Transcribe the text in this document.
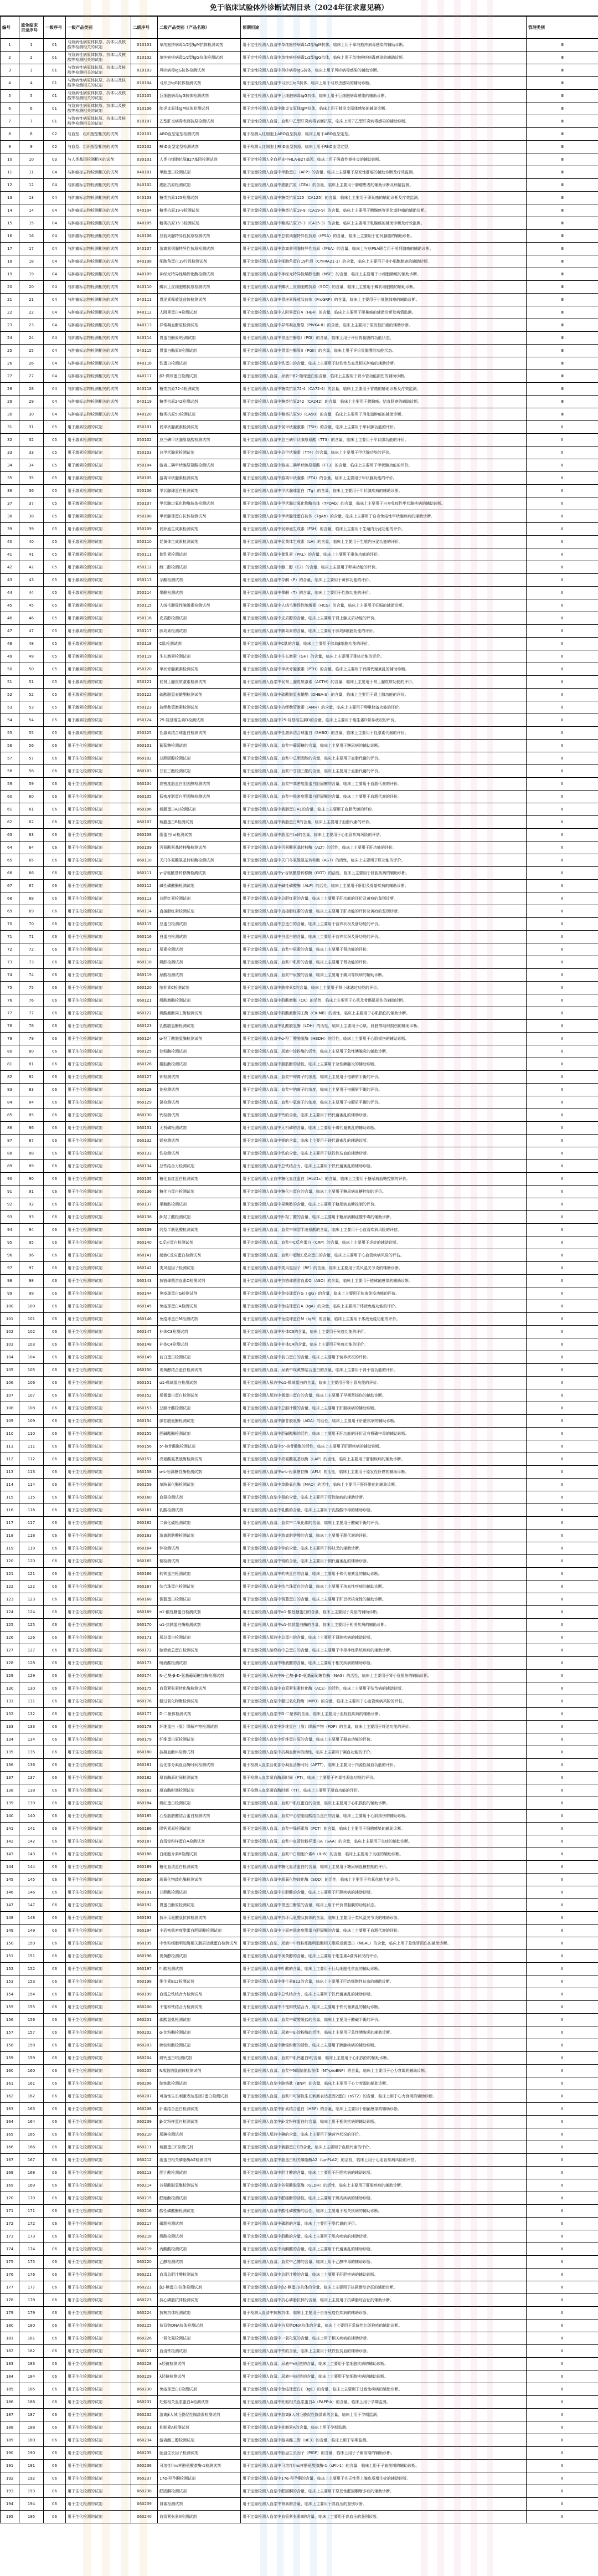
免于临床试验体外诊断试剂目录（2024年征求意见稿）
编号	原免临床目录序号	一级序号	一级产品类别	二级序号	二级产品类别（产品名称）	预期用途	管理类别
1	1	01	与致病性病原体抗原、抗体以及核酸等检测相关的试剂	010101	单纯疱疹病毒1/2型IgM抗体检测试剂	用于定性检测人血清中单纯疱疹病毒1/2型IgM抗体，临床上用于单纯疱疹病毒感染的辅助诊断。	Ⅲ
2	2	01	与致病性病原体抗原、抗体以及核酸等检测相关的试剂	010102	单纯疱疹病毒1/2型IgG抗体检测试剂	用于定性检测人血清中单纯疱疹病毒1/2型IgG抗体，临床上用于单纯疱疹病毒感染的辅助诊断。	Ⅲ
3	3	01	与致病性病原体抗原、抗体以及核酸等检测相关的试剂	010103	风疹病毒IgG抗体检测试剂	用于定性检测人血清中风疹病毒IgG抗体，临床上用于风疹病毒感染的辅助诊断。	Ⅲ
4	4	01	与致病性病原体抗原、抗体以及核酸等检测相关的试剂	010104	弓形虫IgG抗体检测试剂	用于定性检测人血清中弓形虫IgG抗体，临床上用于弓形虫感染的辅助诊断。	Ⅲ
5	5	01	与致病性病原体抗原、抗体以及核酸等检测相关的试剂	010105	巨细胞病毒IgG抗体检测试剂	用于定性检测人血清中巨细胞病毒IgG抗体，临床上用于巨细胞病毒感染的辅助诊断。	Ⅲ
6	6	01	与致病性病原体抗原、抗体以及核酸等检测相关的试剂	010106	肺炎支原体IgM抗体检测试剂	用于定性检测人血清中肺炎支原体IgM抗体，临床上用于肺炎支原体感染的辅助诊断。	Ⅲ
7	7	01	与致病性病原体抗原、抗体以及核酸等检测相关的试剂	010107	乙型肝炎病毒表面抗原检测试剂	用于定性检测人血清、血浆中乙型肝炎病毒表面抗原，临床上用于乙型肝炎病毒感染的辅助诊断。	Ⅲ
8	8	02	与血型、组织配型相关的试剂	020101	ABO血型定型检测试剂	用于检测人红细胞上ABO血型抗原，临床上用于ABO血型定型。	Ⅲ
9	9	02	与血型、组织配型相关的试剂	020102	RhD血型定型检测试剂	用于检测人红细胞上RhD血型抗原，临床上用于RhD血型定型。	Ⅲ
10	10	03	与人类基因检测相关的试剂	030101	人类白细胞抗原B27基因检测试剂	用于定性检测人全血样本中HLA-B27基因，临床上用于强直性脊柱炎的辅助诊断。	Ⅲ
11	11	04	与肿瘤标志物检测相关的试剂	040101	甲胎蛋白检测试剂	用于定量检测人血清中甲胎蛋白（AFP）的含量，临床上主要用于原发性肝癌的辅助诊断及疗效监测。	Ⅲ
12	12	04	与肿瘤标志物检测相关的试剂	040102	癌胚抗原检测试剂	用于定量检测人血清中癌胚抗原（CEA）的含量，临床上主要用于肿瘤患者的辅助诊断及病情监测。	Ⅲ
13	13	04	与肿瘤标志物检测相关的试剂	040103	糖类抗原125检测试剂	用于定量检测人血清中糖类抗原125（CA125）的含量，临床上主要用于卵巢癌的辅助诊断及疗效监测。	Ⅲ
14	14	04	与肿瘤标志物检测相关的试剂	040104	糖类抗原19-9检测试剂	用于定量检测人血清中糖类抗原19-9（CA19-9）的含量，临床上主要用于胰腺癌等消化道肿瘤的辅助诊断。	Ⅲ
15	15	04	与肿瘤标志物检测相关的试剂	040105	糖类抗原15-3检测试剂	用于定量检测人血清中糖类抗原15-3（CA15-3）的含量，临床上主要用于乳腺癌的辅助诊断及疗效监测。	Ⅲ
16	16	04	与肿瘤标志物检测相关的试剂	040106	总前列腺特异性抗原检测试剂	用于定量检测人血清中总前列腺特异性抗原（tPSA）的含量，临床上主要用于前列腺癌的辅助诊断。	Ⅲ
17	17	04	与肿瘤标志物检测相关的试剂	040107	游离前列腺特异性抗原检测试剂	用于定量检测人血清中游离前列腺特异性抗原（fPSA）的含量，临床上与总PSA联合用于前列腺癌的辅助诊断。	Ⅲ
18	18	04	与肿瘤标志物检测相关的试剂	040108	细胞角蛋白19片段检测试剂	用于定量检测人血清中细胞角蛋白19片段（CYFRA21-1）的含量，临床上主要用于非小细胞肺癌的辅助诊断。	Ⅲ
19	19	04	与肿瘤标志物检测相关的试剂	040109	神经元特异性烯醇化酶检测试剂	用于定量检测人血清中神经元特异性烯醇化酶（NSE）的含量，临床上主要用于小细胞肺癌的辅助诊断。	Ⅲ
20	20	04	与肿瘤标志物检测相关的试剂	040110	鳞状上皮细胞癌抗原检测试剂	用于定量检测人血清中鳞状上皮细胞癌抗原（SCC）的含量，临床上主要用于鳞状细胞癌的辅助诊断。	Ⅲ
21	21	04	与肿瘤标志物检测相关的试剂	040111	胃泌素释放肽前体检测试剂	用于定量检测人血清中胃泌素释放肽前体（ProGRP）的含量，临床上主要用于小细胞肺癌的辅助诊断。	Ⅲ
22	22	04	与肿瘤标志物检测相关的试剂	040112	人附睾蛋白4检测试剂	用于定量检测人血清中人附睾蛋白4（HE4）的含量，临床上主要用于卵巢癌的辅助诊断及病情监测。	Ⅲ
23	23	04	与肿瘤标志物检测相关的试剂	040113	异常凝血酶原检测试剂	用于定量检测人血清中异常凝血酶原（PIVKA-II）的含量，临床上主要用于原发性肝癌的辅助诊断。	Ⅲ
24	24	04	与肿瘤标志物检测相关的试剂	040114	胃蛋白酶原I检测试剂	用于定量检测人血清中胃蛋白酶原I（PGI）的含量，临床上用于评价胃黏膜的功能状态。	Ⅲ
25	25	04	与肿瘤标志物检测相关的试剂	040115	胃蛋白酶原II检测试剂	用于定量检测人血清中胃蛋白酶原II（PGII）的含量，临床上用于评价胃黏膜的功能状态。	Ⅲ
26	26	04	与肿瘤标志物检测相关的试剂	040116	铁蛋白检测试剂	用于定量检测人血清中铁蛋白的含量，临床上主要用于缺铁性贫血及相关肿瘤的辅助诊断。	Ⅲ
27	27	04	与肿瘤标志物检测相关的试剂	040117	β2-微球蛋白检测试剂	用于定量检测人血清、尿液中β2-微球蛋白的含量，临床上主要用于肾小管功能损伤的辅助诊断。	Ⅲ
28	28	04	与肿瘤标志物检测相关的试剂	040118	糖类抗原72-4检测试剂	用于定量检测人血清中糖类抗原72-4（CA72-4）的含量，临床上主要用于胃癌的辅助诊断及疗效监测。	Ⅲ
29	29	04	与肿瘤标志物检测相关的试剂	040119	糖类抗原242检测试剂	用于定量检测人血清中糖类抗原242（CA242）的含量，临床上主要用于胰腺癌、结直肠癌的辅助诊断。	Ⅲ
30	30	04	与肿瘤标志物检测相关的试剂	040120	糖类抗原50检测试剂	用于定量检测人血清中糖类抗原50（CA50）的含量，临床上主要用于消化道肿瘤的辅助诊断。	Ⅲ
31	31	05	用于激素检测的试剂	050101	促甲状腺激素检测试剂	用于定量检测人血清中促甲状腺激素（TSH）的含量，临床上主要用于甲状腺功能的评价。	Ⅱ
32	32	05	用于激素检测的试剂	050102	总三碘甲状腺原氨酸检测试剂	用于定量检测人血清中总三碘甲状腺原氨酸（TT3）的含量，临床上主要用于甲状腺功能的评价。	Ⅱ
33	33	05	用于激素检测的试剂	050103	总甲状腺素检测试剂	用于定量检测人血清中总甲状腺素（TT4）的含量，临床上主要用于甲状腺功能的评价。	Ⅱ
34	34	05	用于激素检测的试剂	050104	游离三碘甲状腺原氨酸检测试剂	用于定量检测人血清中游离三碘甲状腺原氨酸（FT3）的含量，临床上主要用于甲状腺功能的评价。	Ⅱ
35	35	05	用于激素检测的试剂	050105	游离甲状腺素检测试剂	用于定量检测人血清中游离甲状腺素（FT4）的含量，临床上主要用于甲状腺功能的评价。	Ⅱ
36	36	05	用于激素检测的试剂	050106	甲状腺球蛋白检测试剂	用于定量检测人血清中甲状腺球蛋白（Tg）的含量，临床上主要用于甲状腺疾病的辅助诊断。	Ⅱ
37	37	05	用于激素检测的试剂	050107	甲状腺过氧化物酶抗体检测试剂	用于定量检测人血清中甲状腺过氧化物酶抗体（TPOAb）的含量，临床上主要用于自身免疫性甲状腺疾病的辅助诊断。	Ⅱ
38	38	05	用于激素检测的试剂	050108	甲状腺球蛋白抗体检测试剂	用于定量检测人血清中甲状腺球蛋白抗体（TgAb）的含量，临床上主要用于自身免疫性甲状腺疾病的辅助诊断。	Ⅱ
39	39	05	用于激素检测的试剂	050109	促卵泡生成素检测试剂	用于定量检测人血清中促卵泡生成素（FSH）的含量，临床上主要用于生殖内分泌功能的评价。	Ⅱ
40	40	05	用于激素检测的试剂	050110	促黄体生成素检测试剂	用于定量检测人血清中促黄体生成素（LH）的含量，临床上主要用于生殖内分泌功能的评价。	Ⅱ
41	41	05	用于激素检测的试剂	050111	催乳素检测试剂	用于定量检测人血清中催乳素（PRL）的含量，临床上主要用于垂体功能的评价。	Ⅱ
42	42	05	用于激素检测的试剂	050112	雌二醇检测试剂	用于定量检测人血清中雌二醇（E2）的含量，临床上主要用于卵巢功能的评价。	Ⅱ
43	43	05	用于激素检测的试剂	050113	孕酮检测试剂	用于定量检测人血清中孕酮（P）的含量，临床上主要用于黄体功能的评价。	Ⅱ
44	44	05	用于激素检测的试剂	050114	睾酮检测试剂	用于定量检测人血清中睾酮（T）的含量，临床上主要用于性腺功能的评价。	Ⅱ
45	45	05	用于激素检测的试剂	050115	人绒毛膜促性腺激素检测试剂	用于定量检测人血清中人绒毛膜促性腺激素（HCG）的含量，临床上主要用于妊娠的辅助诊断。	Ⅱ
46	46	05	用于激素检测的试剂	050116	皮质醇检测试剂	用于定量检测人血清中皮质醇的含量，临床上主要用于肾上腺皮质功能的评价。	Ⅱ
47	47	05	用于激素检测的试剂	050117	胰岛素检测试剂	用于定量检测人血清中胰岛素的含量，临床上主要用于胰岛β细胞功能的评价。	Ⅱ
48	48	05	用于激素检测的试剂	050118	C肽检测试剂	用于定量检测人血清中C肽的含量，临床上主要用于胰岛β细胞功能的评价。	Ⅱ
49	49	05	用于激素检测的试剂	050119	生长激素检测试剂	用于定量检测人血清中生长激素（GH）的含量，临床上主要用于垂体功能的评价。	Ⅱ
50	50	05	用于激素检测的试剂	050120	甲状旁腺激素检测试剂	用于定量检测人血清中甲状旁腺激素（PTH）的含量，临床上主要用于钙磷代谢紊乱的辅助诊断。	Ⅱ
51	51	05	用于激素检测的试剂	050121	促肾上腺皮质激素检测试剂	用于定量检测人血浆中促肾上腺皮质激素（ACTH）的含量，临床上主要用于肾上腺皮质功能的评价。	Ⅱ
52	52	05	用于激素检测的试剂	050122	硫酸脱氢表雄酮检测试剂	用于定量检测人血清中硫酸脱氢表雄酮（DHEA-S）的含量，临床上主要用于肾上腺功能的评价。	Ⅱ
53	53	05	用于激素检测的试剂	050123	抗缪勒管激素检测试剂	用于定量检测人血清中抗缪勒管激素（AMH）的含量，临床上主要用于卵巢储备功能的评价。	Ⅱ
54	54	05	用于激素检测的试剂	050124	25-羟基维生素D检测试剂	用于定量检测人血清中25-羟基维生素D的含量，临床上主要用于维生素D营养状况的评价。	Ⅱ
55	55	05	用于激素检测的试剂	050125	性激素结合球蛋白检测试剂	用于定量检测人血清中性激素结合球蛋白（SHBG）的含量，临床上主要用于性激素代谢的评价。	Ⅱ
56	56	06	用于生化检测的试剂	060101	葡萄糖检测试剂	用于定量检测人血清、血浆中葡萄糖的含量，临床上主要用于糖尿病的辅助诊断。	Ⅱ
57	57	06	用于生化检测的试剂	060102	总胆固醇检测试剂	用于定量检测人血清、血浆中总胆固醇的含量，临床上主要用于血脂代谢的评价。	Ⅱ
58	58	06	用于生化检测的试剂	060103	甘油三酯检测试剂	用于定量检测人血清、血浆中甘油三酯的含量，临床上主要用于血脂代谢的评价。	Ⅱ
59	59	06	用于生化检测的试剂	060104	高密度脂蛋白胆固醇检测试剂	用于定量检测人血清、血浆中高密度脂蛋白胆固醇的含量，临床上主要用于血脂代谢的评价。	Ⅱ
60	60	06	用于生化检测的试剂	060105	低密度脂蛋白胆固醇检测试剂	用于定量检测人血清、血浆中低密度脂蛋白胆固醇的含量，临床上主要用于血脂代谢的评价。	Ⅱ
61	61	06	用于生化检测的试剂	060106	载脂蛋白A1检测试剂	用于定量检测人血清中载脂蛋白A1的含量，临床上主要用于血脂代谢的评价。	Ⅱ
62	62	06	用于生化检测的试剂	060107	载脂蛋白B检测试剂	用于定量检测人血清中载脂蛋白B的含量，临床上主要用于血脂代谢的评价。	Ⅱ
63	63	06	用于生化检测的试剂	060108	脂蛋白(a)检测试剂	用于定量检测人血清中脂蛋白(a)的含量，临床上主要用于心血管疾病风险的评估。	Ⅱ
64	64	06	用于生化检测的试剂	060109	丙氨酸氨基转移酶检测试剂	用于定量检测人血清中丙氨酸氨基转移酶（ALT）的活性，临床上主要用于肝功能的评价。	Ⅱ
65	65	06	用于生化检测的试剂	060110	天门冬氨酸氨基转移酶检测试剂	用于定量检测人血清中天门冬氨酸氨基转移酶（AST）的活性，临床上主要用于肝功能的评价。	Ⅱ
66	66	06	用于生化检测的试剂	060111	γ-谷氨酰基转移酶检测试剂	用于定量检测人血清中γ-谷氨酰基转移酶（GGT）的活性，临床上主要用于肝胆疾病的辅助诊断。	Ⅱ
67	67	06	用于生化检测的试剂	060112	碱性磷酸酶检测试剂	用于定量检测人血清中碱性磷酸酶（ALP）的活性，临床上主要用于肝胆及骨骼疾病的辅助诊断。	Ⅱ
68	68	06	用于生化检测的试剂	060113	总胆红素检测试剂	用于定量检测人血清中总胆红素的含量，临床上主要用于肝功能的评价及黄疸的鉴别诊断。	Ⅱ
69	69	06	用于生化检测的试剂	060114	直接胆红素检测试剂	用于定量检测人血清中直接胆红素的含量，临床上主要用于肝功能的评价及黄疸的鉴别诊断。	Ⅱ
70	70	06	用于生化检测的试剂	060115	总蛋白检测试剂	用于定量检测人血清中总蛋白的含量，临床上主要用于营养状况及肝功能的评价。	Ⅱ
71	71	06	用于生化检测的试剂	060116	白蛋白检测试剂	用于定量检测人血清中白蛋白的含量，临床上主要用于营养状况及肝功能的评价。	Ⅱ
72	72	06	用于生化检测的试剂	060117	尿素检测试剂	用于定量检测人血清、血浆中尿素的含量，临床上主要用于肾功能的评价。	Ⅱ
73	73	06	用于生化检测的试剂	060118	肌酐检测试剂	用于定量检测人血清、血浆中肌酐的含量，临床上主要用于肾功能的评价。	Ⅱ
74	74	06	用于生化检测的试剂	060119	尿酸检测试剂	用于定量检测人血清、血浆中尿酸的含量，临床上主要用于痛风等疾病的辅助诊断。	Ⅱ
75	75	06	用于生化检测的试剂	060120	胱抑素C检测试剂	用于定量检测人血清中胱抑素C的含量，临床上主要用于肾小球滤过功能的评价。	Ⅱ
76	76	06	用于生化检测的试剂	060121	肌酸激酶检测试剂	用于定量检测人血清中肌酸激酶（CK）的活性，临床上主要用于心肌及骨骼肌损伤的辅助诊断。	Ⅱ
77	77	06	用于生化检测的试剂	060122	肌酸激酶同工酶检测试剂	用于定量检测人血清中肌酸激酶同工酶（CK-MB）的活性，临床上主要用于心肌损伤的辅助诊断。	Ⅱ
78	78	06	用于生化检测的试剂	060123	乳酸脱氢酶检测试剂	用于定量检测人血清中乳酸脱氢酶（LDH）的活性，临床上主要用于心肌、肝脏等组织损伤的辅助诊断。	Ⅱ
79	79	06	用于生化检测的试剂	060124	α-羟丁酸脱氢酶检测试剂	用于定量检测人血清中α-羟丁酸脱氢酶（HBDH）的活性，临床上主要用于心肌损伤的辅助诊断。	Ⅱ
80	80	06	用于生化检测的试剂	060125	淀粉酶检测试剂	用于定量检测人血清、尿液中淀粉酶的活性，临床上主要用于急性胰腺炎的辅助诊断。	Ⅱ
81	81	06	用于生化检测的试剂	060126	脂肪酶检测试剂	用于定量检测人血清中脂肪酶的活性，临床上主要用于急性胰腺炎的辅助诊断。	Ⅱ
82	82	06	用于生化检测的试剂	060127	钾检测试剂	用于定量检测人血清、血浆中钾离子的浓度，临床上主要用于电解质平衡的评价。	Ⅱ
83	83	06	用于生化检测的试剂	060128	钠检测试剂	用于定量检测人血清、血浆中钠离子的浓度，临床上主要用于电解质平衡的评价。	Ⅱ
84	84	06	用于生化检测的试剂	060129	氯检测试剂	用于定量检测人血清、血浆中氯离子的浓度，临床上主要用于电解质平衡的评价。	Ⅱ
85	85	06	用于生化检测的试剂	060130	钙检测试剂	用于定量检测人血清中钙的含量，临床上主要用于钙代谢紊乱的辅助诊断。	Ⅱ
86	86	06	用于生化检测的试剂	060131	无机磷检测试剂	用于定量检测人血清中无机磷的含量，临床上主要用于磷代谢紊乱的辅助诊断。	Ⅱ
87	87	06	用于生化检测的试剂	060132	镁检测试剂	用于定量检测人血清中镁的含量，临床上主要用于镁代谢紊乱的辅助诊断。	Ⅱ
88	88	06	用于生化检测的试剂	060133	铁检测试剂	用于定量检测人血清中铁的含量，临床上主要用于缺铁性贫血的辅助诊断。	Ⅱ
89	89	06	用于生化检测的试剂	060134	总铁结合力检测试剂	用于定量检测人血清中总铁结合力，临床上主要用于铁代谢紊乱的辅助诊断。	Ⅱ
90	90	06	用于生化检测的试剂	060135	糖化血红蛋白检测试剂	用于定量检测人全血中糖化血红蛋白（HbA1c）的含量，临床上主要用于糖尿病血糖控制的评价。	Ⅱ
91	91	06	用于生化检测的试剂	060136	糖化白蛋白检测试剂	用于定量检测人血清中糖化白蛋白的含量，临床上主要用于糖尿病血糖控制的评价。	Ⅱ
92	92	06	用于生化检测的试剂	060137	果糖胺检测试剂	用于定量检测人血清中果糖胺的含量，临床上主要用于糖尿病血糖控制的评价。	Ⅱ
93	93	06	用于生化检测的试剂	060138	β-羟丁酸检测试剂	用于定量检测人血清中β-羟丁酸的含量，临床上主要用于糖尿病酮症酸中毒的辅助诊断。	Ⅱ
94	94	06	用于生化检测的试剂	060139	同型半胱氨酸检测试剂	用于定量检测人血清、血浆中同型半胱氨酸的含量，临床上主要用于心血管疾病风险的评估。	Ⅱ
95	95	06	用于生化检测的试剂	060140	C反应蛋白检测试剂	用于定量检测人血清、血浆中C反应蛋白（CRP）的含量，临床上主要用于炎症的辅助诊断。	Ⅱ
96	96	06	用于生化检测的试剂	060141	超敏C反应蛋白检测试剂	用于定量检测人血清、血浆中超敏C反应蛋白的含量，临床上主要用于心血管疾病风险的评估。	Ⅱ
97	97	06	用于生化检测的试剂	060142	类风湿因子检测试剂	用于定量检测人血清中类风湿因子（RF）的含量，临床上主要用于类风湿关节炎的辅助诊断。	Ⅱ
98	98	06	用于生化检测的试剂	060143	抗链球菌溶血素O检测试剂	用于定量检测人血清中抗链球菌溶血素O（ASO）的含量，临床上主要用于链球菌感染的辅助诊断。	Ⅱ
99	99	06	用于生化检测的试剂	060144	免疫球蛋白G检测试剂	用于定量检测人血清中免疫球蛋白G（IgG）的含量，临床上主要用于体液免疫功能的评价。	Ⅱ
100	100	06	用于生化检测的试剂	060145	免疫球蛋白A检测试剂	用于定量检测人血清中免疫球蛋白A（IgA）的含量，临床上主要用于体液免疫功能的评价。	Ⅱ
101	101	06	用于生化检测的试剂	060146	免疫球蛋白M检测试剂	用于定量检测人血清中免疫球蛋白M（IgM）的含量，临床上主要用于体液免疫功能的评价。	Ⅱ
102	102	06	用于生化检测的试剂	060147	补体C3检测试剂	用于定量检测人血清中补体C3的含量，临床上主要用于免疫功能的评价。	Ⅱ
103	103	06	用于生化检测的试剂	060148	补体C4检测试剂	用于定量检测人血清中补体C4的含量，临床上主要用于免疫功能的评价。	Ⅱ
104	104	06	用于生化检测的试剂	060149	前白蛋白检测试剂	用于定量检测人血清中前白蛋白的含量，临床上主要用于营养状况的评价。	Ⅱ
105	105	06	用于生化检测的试剂	060150	视黄醇结合蛋白检测试剂	用于定量检测人血清、尿液中视黄醇结合蛋白的含量，临床上主要用于肾小管功能的评价。	Ⅱ
106	106	06	用于生化检测的试剂	060151	α1-微球蛋白检测试剂	用于定量检测人尿液中α1-微球蛋白的含量，临床上主要用于肾小管功能的评价。	Ⅱ
107	107	06	用于生化检测的试剂	060152	尿微量白蛋白检测试剂	用于定量检测人尿液中微量白蛋白的含量，临床上主要用于早期肾损伤的辅助诊断。	Ⅱ
108	108	06	用于生化检测的试剂	060153	总胆汁酸检测试剂	用于定量检测人血清中总胆汁酸的含量，临床上主要用于肝胆疾病的辅助诊断。	Ⅱ
109	109	06	用于生化检测的试剂	060154	腺苷脱氨酶检测试剂	用于定量检测人血清中腺苷脱氨酶（ADA）的活性，临床上主要用于肝脏疾病的辅助诊断。	Ⅱ
110	110	06	用于生化检测的试剂	060155	胆碱酯酶检测试剂	用于定量检测人血清中胆碱酯酶的活性，临床上主要用于肝功能的评价及有机磷中毒的辅助诊断。	Ⅱ
111	111	06	用于生化检测的试剂	060156	5'-核苷酸酶检测试剂	用于定量检测人血清中5'-核苷酸酶的活性，临床上主要用于肝胆疾病的辅助诊断。	Ⅱ
112	112	06	用于生化检测的试剂	060157	亮氨酸氨基肽酶检测试剂	用于定量检测人血清中亮氨酸氨基肽酶（LAP）的活性，临床上主要用于肝胆疾病的辅助诊断。	Ⅱ
113	113	06	用于生化检测的试剂	060158	α-L-岩藻糖苷酶检测试剂	用于定量检测人血清中α-L-岩藻糖苷酶（AFU）的活性，临床上主要用于原发性肝癌的辅助诊断。	Ⅱ
114	114	06	用于生化检测的试剂	060159	单胺氧化酶检测试剂	用于定量检测人血清中单胺氧化酶（MAO）的活性，临床上主要用于肝纤维化的辅助诊断。	Ⅱ
115	115	06	用于生化检测的试剂	060160	血氨检测试剂	用于定量检测人血浆中氨的含量，临床上主要用于肝性脑病的辅助诊断。	Ⅱ
116	116	06	用于生化检测的试剂	060161	乳酸检测试剂	用于定量检测人血浆中乳酸的含量，临床上主要用于乳酸酸中毒的辅助诊断。	Ⅱ
117	117	06	用于生化检测的试剂	060162	二氧化碳检测试剂	用于定量检测人血清、血浆中二氧化碳的含量，临床上主要用于酸碱平衡的评价。	Ⅱ
118	118	06	用于生化检测的试剂	060163	游离脂肪酸检测试剂	用于定量检测人血清中游离脂肪酸的含量，临床上主要用于脂代谢的评价。	Ⅱ
119	119	06	用于生化检测的试剂	060164	锌检测试剂	用于定量检测人血清中锌的含量，临床上主要用于锌缺乏的辅助诊断。	Ⅱ
120	120	06	用于生化检测的试剂	060165	铜检测试剂	用于定量检测人血清中铜的含量，临床上主要用于铜代谢紊乱的辅助诊断。	Ⅱ
121	121	06	用于生化检测的试剂	060166	转铁蛋白检测试剂	用于定量检测人血清中转铁蛋白的含量，临床上主要用于铁代谢紊乱的辅助诊断。	Ⅱ
122	122	06	用于生化检测的试剂	060167	结合珠蛋白检测试剂	用于定量检测人血清中结合珠蛋白的含量，临床上主要用于溶血性疾病的辅助诊断。	Ⅱ
123	123	06	用于生化检测的试剂	060168	铜蓝蛋白检测试剂	用于定量检测人血清中铜蓝蛋白的含量，临床上主要用于肝豆状核变性的辅助诊断。	Ⅱ
124	124	06	用于生化检测的试剂	060169	α1-酸性糖蛋白检测试剂	用于定量检测人血清中α1-酸性糖蛋白的含量，临床上主要用于炎症的辅助诊断。	Ⅱ
125	125	06	用于生化检测的试剂	060170	α1-抗胰蛋白酶检测试剂	用于定量检测人血清中α1-抗胰蛋白酶的含量，临床上主要用于相关疾病的辅助诊断。	Ⅱ
126	126	06	用于生化检测的试剂	060171	尿总蛋白检测试剂	用于定量检测人尿液中总蛋白的含量，临床上主要用于肾脏疾病的辅助诊断。	Ⅱ
127	127	06	用于生化检测的试剂	060172	脑脊液总蛋白检测试剂	用于定量检测人脑脊液中总蛋白的含量，临床上主要用于中枢神经系统疾病的辅助诊断。	Ⅱ
128	128	06	用于生化检测的试剂	060173	唾液酸检测试剂	用于定量检测人血清中唾液酸的含量，临床上主要用于相关疾病的辅助诊断。	Ⅱ
129	129	06	用于生化检测的试剂	060174	N-乙酰-β-D-氨基葡萄糖苷酶检测试剂	用于定量检测人尿液中N-乙酰-β-D-氨基葡萄糖苷酶（NAG）的活性，临床上主要用于肾小管损伤的辅助诊断。	Ⅱ
130	130	06	用于生化检测的试剂	060175	血管紧张素转化酶检测试剂	用于定量检测人血清中血管紧张素转化酶（ACE）的活性，临床上主要用于结节病的辅助诊断。	Ⅱ
131	131	06	用于生化检测的试剂	060176	髓过氧化物酶检测试剂	用于定量检测人血浆中髓过氧化物酶（MPO）的含量，临床上主要用于心血管疾病风险的评估。	Ⅱ
132	132	06	用于生化检测的试剂	060177	D-二聚体检测试剂	用于定量检测人血浆中D-二聚体的含量，临床上主要用于血栓性疾病的辅助诊断。	Ⅱ
133	133	06	用于生化检测的试剂	060178	纤维蛋白（原）降解产物检测试剂	用于定量检测人血浆中纤维蛋白（原）降解产物（FDP）的含量，临床上主要用于纤溶功能的评价。	Ⅱ
134	134	06	用于生化检测的试剂	060179	纤维蛋白原检测试剂	用于定量检测人血浆中纤维蛋白原的含量，临床上主要用于凝血功能的评价。	Ⅱ
135	135	06	用于生化检测的试剂	060180	抗凝血酶III检测试剂	用于定量检测人血浆中抗凝血酶III的活性，临床上主要用于凝血功能的评价。	Ⅱ
136	136	06	用于生化检测的试剂	060181	活化部分凝血活酶时间检测试剂	用于检测人血浆活化部分凝血活酶时间（APTT），临床上主要用于内源性凝血功能的评价。	Ⅱ
137	137	06	用于生化检测的试剂	060182	凝血酶原时间检测试剂	用于检测人血浆凝血酶原时间（PT），临床上主要用于外源性凝血功能的评价。	Ⅱ
138	138	06	用于生化检测的试剂	060183	凝血酶时间检测试剂	用于检测人血浆凝血酶时间（TT），临床上主要用于凝血功能的评价。	Ⅱ
139	139	06	用于生化检测的试剂	060184	肌红蛋白检测试剂	用于定量检测人血清、血浆中肌红蛋白的含量，临床上主要用于心肌损伤的辅助诊断。	Ⅱ
140	140	06	用于生化检测的试剂	060185	心型脂肪酸结合蛋白检测试剂	用于定量检测人血清、血浆中心型脂肪酸结合蛋白的含量，临床上主要用于心肌损伤的辅助诊断。	Ⅱ
141	141	06	用于生化检测的试剂	060186	降钙素原检测试剂	用于定量检测人血清、血浆中降钙素原（PCT）的含量，临床上主要用于细菌感染的辅助诊断。	Ⅱ
142	142	06	用于生化检测的试剂	060187	血清淀粉样蛋白A检测试剂	用于定量检测人血清、血浆中血清淀粉样蛋白A（SAA）的含量，临床上主要用于炎症的辅助诊断。	Ⅱ
143	143	06	用于生化检测的试剂	060188	白细胞介素6检测试剂	用于定量检测人血清、血浆中白细胞介素6（IL-6）的含量，临床上主要用于炎症的辅助诊断。	Ⅱ
144	144	06	用于生化检测的试剂	060189	糖化血清蛋白检测试剂	用于定量检测人血清中糖化血清蛋白的含量，临床上主要用于糖尿病血糖控制的评价。	Ⅱ
145	145	06	用于生化检测的试剂	060190	超氧化物歧化酶检测试剂	用于定量检测人血清中超氧化物歧化酶（SOD）的活性，临床上主要用于抗氧化能力的评价。	Ⅱ
146	146	06	用于生化检测的试剂	060191	甘胆酸检测试剂	用于定量检测人血清中甘胆酸的含量，临床上主要用于肝胆疾病的辅助诊断。	Ⅱ
147	147	06	用于生化检测的试剂	060192	胃蛋白酶原检测试剂	用于定量检测人血清中胃蛋白酶原的含量，临床上用于评价胃黏膜的功能状态。	Ⅱ
148	148	06	用于生化检测的试剂	060193	抗环瓜氨酸肽抗体检测试剂	用于定量检测人血清中抗环瓜氨酸肽抗体的含量，临床上主要用于类风湿关节炎的辅助诊断。	Ⅱ
149	149	06	用于生化检测的试剂	060194	小而密低密度脂蛋白胆固醇检测试剂	用于定量检测人血清中小而密低密度脂蛋白胆固醇的含量，临床上主要用于血脂代谢的评价。	Ⅱ
150	150	06	用于生化检测的试剂	060195	中性粒细胞明胶酶相关脂质运载蛋白检测试剂	用于定量检测人血浆、尿液中中性粒细胞明胶酶相关脂质运载蛋白（NGAL）的含量，临床上用于急性肾损伤的辅助诊断。	Ⅱ
151	151	06	用于生化检测的试剂	060196	视黄醇检测试剂	用于定量检测人血清中视黄醇的含量，临床上主要用于维生素A营养状况的评价。	Ⅱ
152	152	06	用于生化检测的试剂	060197	叶酸检测试剂	用于定量检测人血清中叶酸的含量，临床上主要用于巨幼细胞性贫血的辅助诊断。	Ⅱ
153	153	06	用于生化检测的试剂	060198	维生素B12检测试剂	用于定量检测人血清中维生素B12的含量，临床上主要用于巨幼细胞性贫血的辅助诊断。	Ⅱ
154	154	06	用于生化检测的试剂	060199	血清总铁结合力检测试剂	用于定量检测人血清中总铁结合力，临床上主要用于铁代谢紊乱的辅助诊断。	Ⅱ
155	155	06	用于生化检测的试剂	060200	不饱和铁结合力检测试剂	用于定量检测人血清中不饱和铁结合力，临床上主要用于铁代谢紊乱的辅助诊断。	Ⅱ
156	156	06	用于生化检测的试剂	060201	碳酸氢盐检测试剂	用于定量检测人血清、血浆中碳酸氢盐的含量，临床上主要用于酸碱平衡的评价。	Ⅱ
157	157	06	用于生化检测的试剂	060202	α-淀粉酶检测试剂	用于定量检测人血清、尿液中α-淀粉酶的活性，临床上主要用于急性胰腺炎的辅助诊断。	Ⅱ
158	158	06	用于生化检测的试剂	060203	胰淀粉酶检测试剂	用于定量检测人血清中胰淀粉酶的活性，临床上主要用于胰腺疾病的辅助诊断。	Ⅱ
159	159	06	用于生化检测的试剂	060204	肌钙蛋白I检测试剂	用于定量检测人血清、血浆中肌钙蛋白I的含量，临床上主要用于心肌损伤的辅助诊断。	Ⅱ
160	160	06	用于生化检测的试剂	060205	N端脑钠肽前体检测试剂	用于定量检测人血清、血浆中N端脑钠肽前体（NT-proBNP）的含量，临床上主要用于心力衰竭的辅助诊断。	Ⅱ
161	161	06	用于生化检测的试剂	060206	脑钠肽检测试剂	用于定量检测人血浆中脑钠肽（BNP）的含量，临床上主要用于心力衰竭的辅助诊断。	Ⅱ
162	162	06	用于生化检测的试剂	060207	可溶性生长刺激表达基因2蛋白检测试剂	用于定量检测人血清、血浆中可溶性生长刺激表达基因2蛋白（sST2）的含量，临床上用于心力衰竭的辅助诊断。	Ⅱ
163	163	06	用于生化检测的试剂	060208	肝素结合蛋白检测试剂	用于定量检测人血浆中肝素结合蛋白（HBP）的含量，临床上主要用于细菌感染的辅助诊断。	Ⅱ
164	164	06	用于生化检测的试剂	060209	β-淀粉样蛋白检测试剂	用于定量检测人血浆中β-淀粉样蛋白的含量，临床上用于相关疾病的辅助诊断。	Ⅱ
165	165	06	用于生化检测的试剂	060210	尿碘检测试剂	用于定量检测人尿液中碘的含量，临床上主要用于碘营养状况的评价。	Ⅱ
166	166	06	用于生化检测的试剂	060211	载脂蛋白E检测试剂	用于定量检测人血清中载脂蛋白E的含量，临床上主要用于血脂代谢的评价。	Ⅱ
167	167	06	用于生化检测的试剂	060212	脂蛋白相关磷脂酶A2检测试剂	用于定量检测人血浆中脂蛋白相关磷脂酶A2（Lp-PLA2）的活性，临床上用于心血管疾病风险的评估。	Ⅱ
168	168	06	用于生化检测的试剂	060213	胆汁酸检测试剂	用于定量检测人血清中胆汁酸的含量，临床上主要用于肝胆疾病的辅助诊断。	Ⅱ
169	169	06	用于生化检测的试剂	060214	谷氨酸脱氢酶检测试剂	用于定量检测人血清中谷氨酸脱氢酶（GLDH）的活性，临床上主要用于肝脏疾病的辅助诊断。	Ⅱ
170	170	06	用于生化检测的试剂	060215	醛缩酶检测试剂	用于定量检测人血清中醛缩酶的活性，临床上主要用于肌肉疾病的辅助诊断。	Ⅱ
171	171	06	用于生化检测的试剂	060216	酸性磷酸酶检测试剂	用于定量检测人血清中酸性磷酸酶的活性，临床上主要用于相关疾病的辅助诊断。	Ⅱ
172	172	06	用于生化检测的试剂	060217	磷脂检测试剂	用于定量检测人血清中磷脂的含量，临床上主要用于脂代谢的评价。	Ⅱ
173	173	06	用于生化检测的试剂	060218	肌酸检测试剂	用于定量检测人血清中肌酸的含量，临床上主要用于肌肉疾病的辅助诊断。	Ⅱ
174	174	06	用于生化检测的试剂	060219	丙酮酸检测试剂	用于定量检测人血浆中丙酮酸的含量，临床上主要用于代谢紊乱的辅助诊断。	Ⅱ
175	175	06	用于生化检测的试剂	060220	乙醇检测试剂	用于定量检测人血清、血浆中乙醇的含量，临床上用于乙醇中毒的辅助诊断。	Ⅱ
176	176	06	用于生化检测的试剂	060221	血清总胆汁酸检测试剂	用于定量检测人血清中总胆汁酸的含量，临床上主要用于肝胆疾病的辅助诊断。	Ⅱ
177	177	06	用于生化检测的试剂	060222	β2-糖蛋白I抗体检测试剂	用于定量检测人血清中β2-糖蛋白I抗体的含量，临床上主要用于抗磷脂综合征的辅助诊断。	Ⅱ
178	178	06	用于生化检测的试剂	060223	抗心磷脂抗体检测试剂	用于定量检测人血清中抗心磷脂抗体的含量，临床上主要用于抗磷脂综合征的辅助诊断。	Ⅱ
179	179	06	用于生化检测的试剂	060224	抗核抗体检测试剂	用于检测人血清中抗核抗体，临床上主要用于自身免疫性疾病的辅助诊断。	Ⅱ
180	180	06	用于生化检测的试剂	060225	抗双链DNA抗体检测试剂	用于定量检测人血清中抗双链DNA抗体的含量，临床上主要用于系统性红斑狼疮的辅助诊断。	Ⅱ
181	181	06	用于生化检测的试剂	060226	一氧化氮检测试剂	用于定量检测人血清中一氧化氮的含量，临床上用于相关疾病的辅助诊断。	Ⅱ
182	182	06	用于生化检测的试剂	060227	血清铁检测试剂	用于定量检测人血清中铁的含量，临床上主要用于缺铁性贫血的辅助诊断。	Ⅱ
183	183	06	用于生化检测的试剂	060228	κ轻链检测试剂	用于定量检测人血清、尿液中κ轻链的含量，临床上主要用于浆细胞疾病的辅助诊断。	Ⅱ
184	184	06	用于生化检测的试剂	060229	λ轻链检测试剂	用于定量检测人血清、尿液中λ轻链的含量，临床上主要用于浆细胞疾病的辅助诊断。	Ⅱ
185	185	06	用于生化检测的试剂	060230	免疫球蛋白E检测试剂	用于定量检测人血清中免疫球蛋白E（IgE）的含量，临床上主要用于过敏性疾病的辅助诊断。	Ⅱ
186	186	06	用于生化检测的试剂	060231	妊娠相关血浆蛋白A检测试剂	用于定量检测人血清中妊娠相关血浆蛋白A（PAPP-A）的含量，临床上用于孕期监测。	Ⅱ
187	187	06	用于生化检测的试剂	060232	游离β人绒毛膜促性腺激素检测试剂	用于定量检测人血清中游离β人绒毛膜促性腺激素的含量，临床上用于孕期监测。	Ⅱ
188	188	06	用于生化检测的试剂	060233	抑制素A检测试剂	用于定量检测人血清中抑制素A的含量，临床上用于孕期监测。	Ⅱ
189	189	06	用于生化检测的试剂	060234	游离雌三醇检测试剂	用于定量检测人血清中游离雌三醇（uE3）的含量，临床上用于孕期监测。	Ⅱ
190	190	06	用于生化检测的试剂	060235	胎盘生长因子检测试剂	用于定量检测人血清中胎盘生长因子（PlGF）的含量，临床上用于子痫前期的辅助诊断。	Ⅱ
191	191	06	用于生化检测的试剂	060236	可溶性fms样酪氨酸激酶-1检测试剂	用于定量检测人血清中可溶性fms样酪氨酸激酶-1（sFlt-1）的含量，临床上用于子痫前期的辅助诊断。	Ⅱ
192	192	06	用于生化检测的试剂	060237	17α-羟孕酮检测试剂	用于定量检测人血清中17α-羟孕酮的含量，临床上主要用于先天性肾上腺皮质增生症的辅助诊断。	Ⅱ
193	193	06	用于生化检测的试剂	060238	醛固酮检测试剂	用于定量检测人血浆中醛固酮的含量，临床上主要用于原发性醛固酮增多症的辅助诊断。	Ⅱ
194	194	06	用于生化检测的试剂	060239	肾素检测试剂	用于定量检测人血浆中肾素的含量，临床上主要用于高血压的鉴别诊断。	Ⅱ
195	195	06	用于生化检测的试剂	060240	血管紧张素II检测试剂	用于定量检测人血浆中血管紧张素II的含量，临床上主要用于高血压的鉴别诊断。	Ⅱ
